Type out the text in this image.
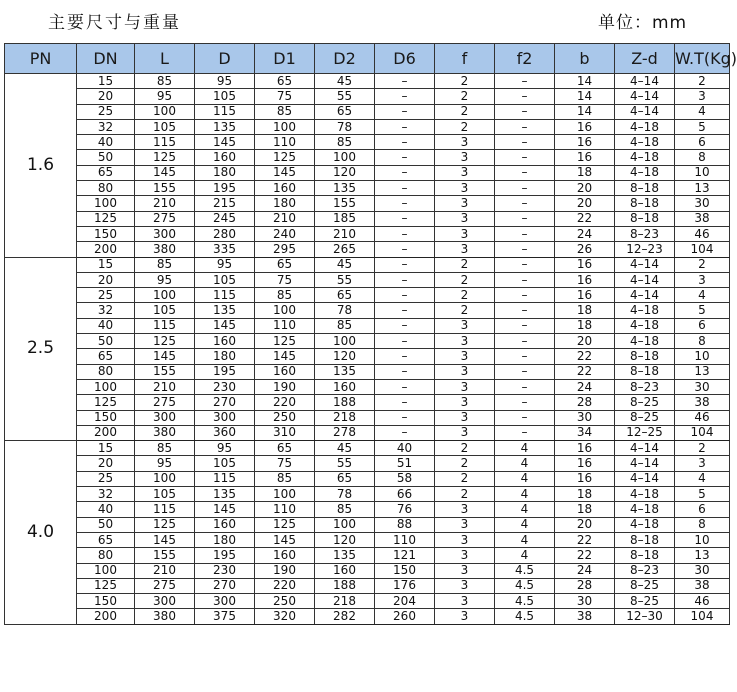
主要尺寸与重量	单位：mm
PN	DN	L	D	D1	D2	D6	f	f2	b	Z-d	W.T(Kg)
1.6	15	85	95	65	45	–	2	–	14	4–14	2
	20	95	105	75	55	–	2	–	14	4–14	3
	25	100	115	85	65	–	2	–	14	4–14	4
	32	105	135	100	78	–	2	–	16	4–18	5
	40	115	145	110	85	–	3	–	16	4–18	6
	50	125	160	125	100	–	3	–	16	4–18	8
	65	145	180	145	120	–	3	–	18	4–18	10
	80	155	195	160	135	–	3	–	20	8–18	13
	100	210	215	180	155	–	3	–	20	8–18	30
	125	275	245	210	185	–	3	–	22	8–18	38
	150	300	280	240	210	–	3	–	24	8–23	46
	200	380	335	295	265	–	3	–	26	12–23	104
2.5	15	85	95	65	45	–	2	–	16	4–14	2
	20	95	105	75	55	–	2	–	16	4–14	3
	25	100	115	85	65	–	2	–	16	4–14	4
	32	105	135	100	78	–	2	–	18	4–18	5
	40	115	145	110	85	–	3	–	18	4–18	6
	50	125	160	125	100	–	3	–	20	4–18	8
	65	145	180	145	120	–	3	–	22	8–18	10
	80	155	195	160	135	–	3	–	22	8–18	13
	100	210	230	190	160	–	3	–	24	8–23	30
	125	275	270	220	188	–	3	–	28	8–25	38
	150	300	300	250	218	–	3	–	30	8–25	46
	200	380	360	310	278	–	3	–	34	12–25	104
4.0	15	85	95	65	45	40	2	4	16	4–14	2
	20	95	105	75	55	51	2	4	16	4–14	3
	25	100	115	85	65	58	2	4	16	4–14	4
	32	105	135	100	78	66	2	4	18	4–18	5
	40	115	145	110	85	76	3	4	18	4–18	6
	50	125	160	125	100	88	3	4	20	4–18	8
	65	145	180	145	120	110	3	4	22	8–18	10
	80	155	195	160	135	121	3	4	22	8–18	13
	100	210	230	190	160	150	3	4.5	24	8–23	30
	125	275	270	220	188	176	3	4.5	28	8–25	38
	150	300	300	250	218	204	3	4.5	30	8–25	46
	200	380	375	320	282	260	3	4.5	38	12–30	104
